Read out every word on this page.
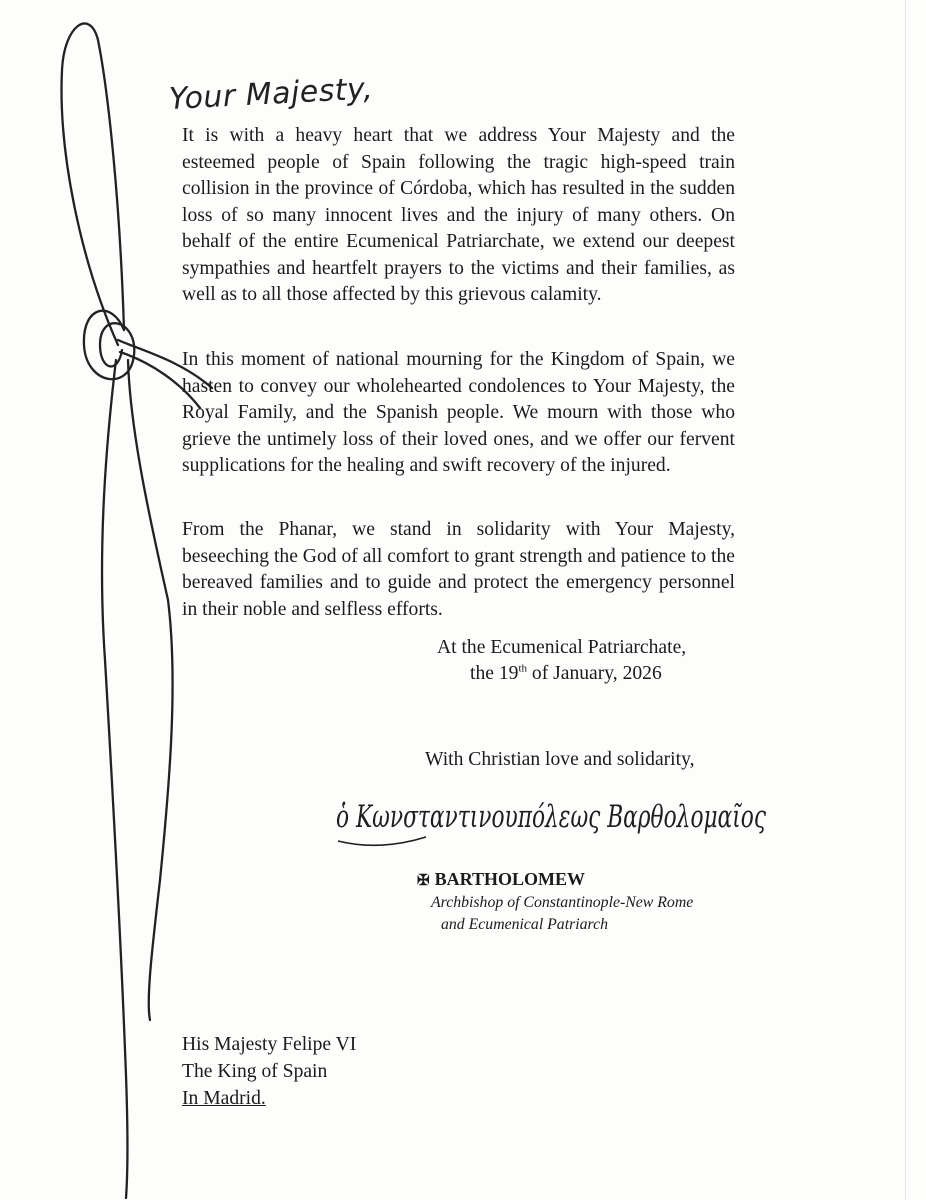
Your Majesty,

It is with a heavy heart that we address Your Majesty and the esteemed people of Spain following the tragic high-speed train collision in the province of Córdoba, which has resulted in the sudden loss of so many innocent lives and the injury of many others. On behalf of the entire Ecumenical Patriarchate, we extend our deepest sympathies and heartfelt prayers to the victims and their families, as well as to all those affected by this grievous calamity.

In this moment of national mourning for the Kingdom of Spain, we hasten to convey our wholehearted condolences to Your Majesty, the Royal Family, and the Spanish people. We mourn with those who grieve the untimely loss of their loved ones, and we offer our fervent supplications for the healing and swift recovery of the injured.

From the Phanar, we stand in solidarity with Your Majesty, beseeching the God of all comfort to grant strength and patience to the bereaved families and to guide and protect the emergency personnel in their noble and selfless efforts.

At the Ecumenical Patriarchate,
the 19th of January, 2026
With Christian love and solidarity,
ὁ Κωνσταντινουπόλεως Βαρθολομαῖος
✠ BARTHOLOMEW
Archbishop of Constantinople-New Rome
and Ecumenical Patriarch
His Majesty Felipe VI
The King of Spain
In Madrid.
